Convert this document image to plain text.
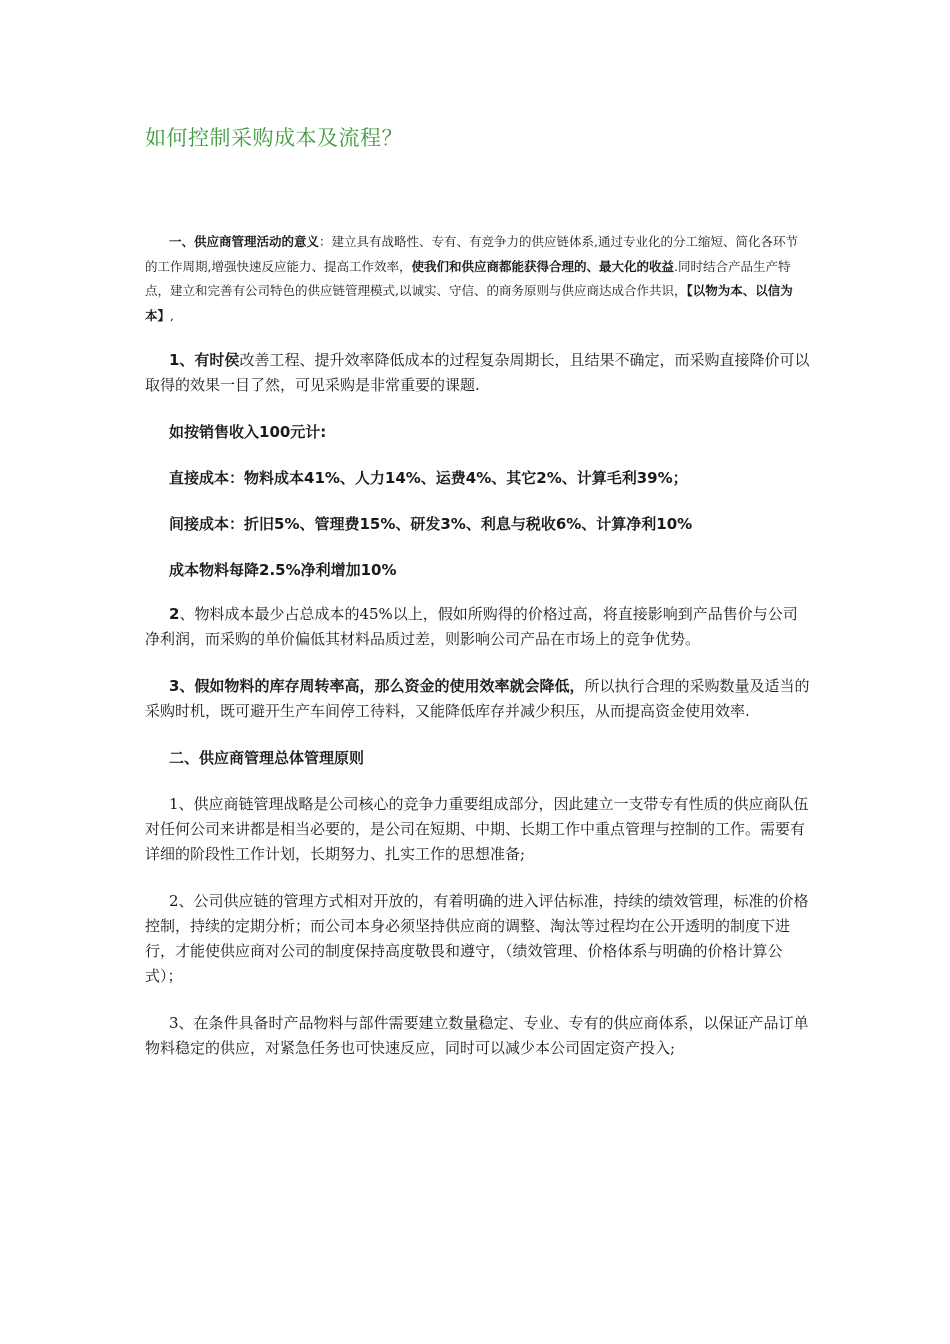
如何控制采购成本及流程？

一、供应商管理活动的意义：建立具有战略性、专有、有竞争力的供应链体系,通过专业化的分工缩短、简化各环节的工作周期,增强快速反应能力、提高工作效率，使我们和供应商都能获得合理的、最大化的收益.同时结合产品生产特点，建立和完善有公司特色的供应链管理模式,以诚实、守信、的商务原则与供应商达成合作共识，【以物为本、以信为本】,

1、有时侯改善工程、提升效率降低成本的过程复杂周期长，且结果不确定，而采购直接降价可以取得的效果一目了然，可见采购是非常重要的课题.

如按销售收入100元计:

直接成本：物料成本41%、人力14%、运费4%、其它2%、计算毛利39%；

间接成本：折旧5%、管理费15%、研发3%、利息与税收6%、计算净利10%

成本物料每降2.5%净利增加10%

2、物料成本最少占总成本的45%以上，假如所购得的价格过高，将直接影响到产品售价与公司净利润，而采购的单价偏低其材料品质过差，则影响公司产品在市场上的竞争优势。

3、假如物料的库存周转率高，那么资金的使用效率就会降低，所以执行合理的采购数量及适当的采购时机，既可避开生产车间停工待料，又能降低库存并减少积压，从而提高资金使用效率.

二、供应商管理总体管理原则

1、供应商链管理战略是公司核心的竞争力重要组成部分，因此建立一支带专有性质的供应商队伍对任何公司来讲都是相当必要的，是公司在短期、中期、长期工作中重点管理与控制的工作。需要有详细的阶段性工作计划，长期努力、扎实工作的思想准备;

2、公司供应链的管理方式相对开放的，有着明确的进入评估标准，持续的绩效管理，标准的价格控制，持续的定期分析；而公司本身必须坚持供应商的调整、淘汰等过程均在公开透明的制度下进行，才能使供应商对公司的制度保持高度敬畏和遵守，（绩效管理、价格体系与明确的价格计算公式）；

3、在条件具备时产品物料与部件需要建立数量稳定、专业、专有的供应商体系，以保证产品订单物料稳定的供应，对紧急任务也可快速反应，同时可以减少本公司固定资产投入;
